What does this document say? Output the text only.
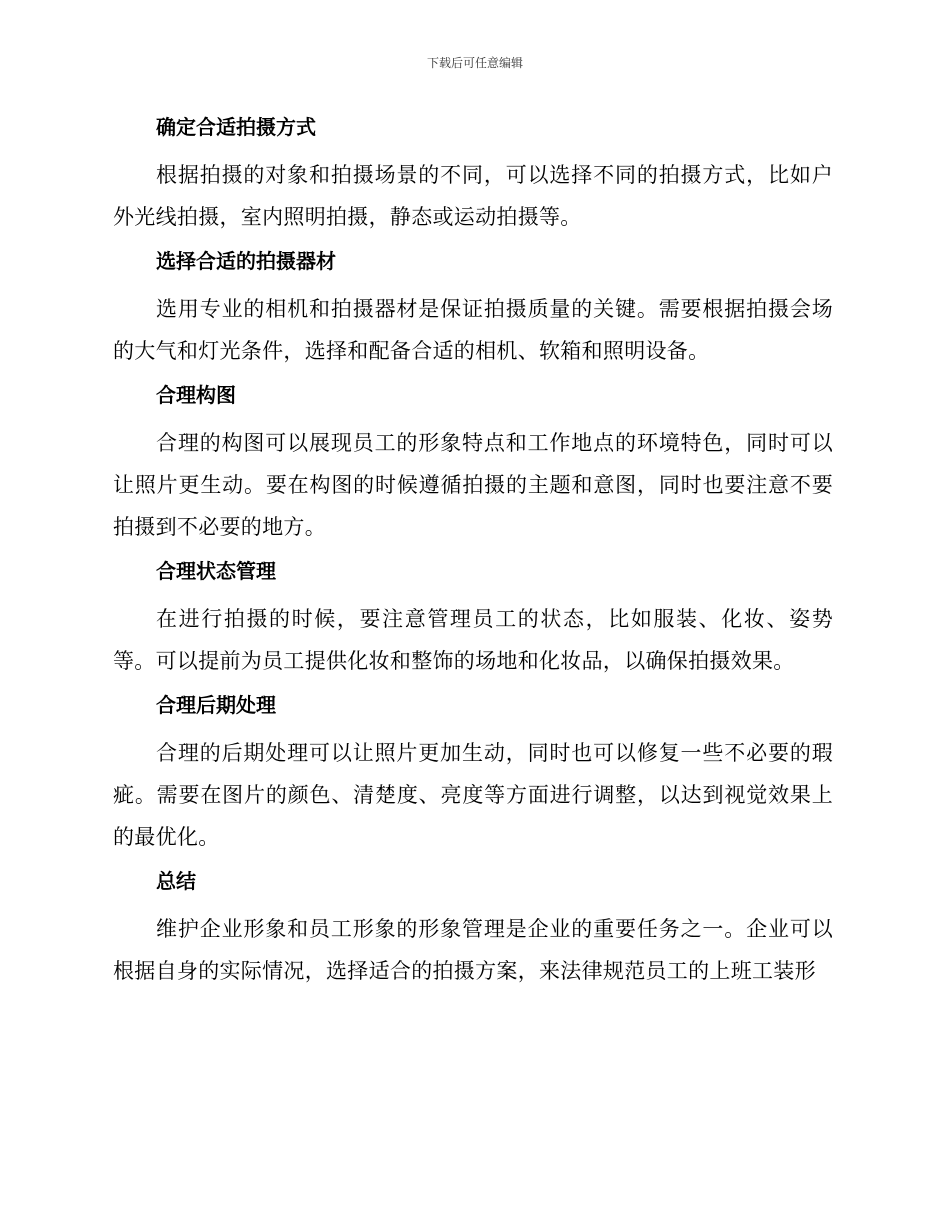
下载后可任意编辑
确定合适拍摄方式

根据拍摄的对象和拍摄场景的不同，可以选择不同的拍摄方式，比如户外光线拍摄，室内照明拍摄，静态或运动拍摄等。

选择合适的拍摄器材

选用专业的相机和拍摄器材是保证拍摄质量的关键。需要根据拍摄会场的大气和灯光条件，选择和配备合适的相机、软箱和照明设备。

合理构图

合理的构图可以展现员工的形象特点和工作地点的环境特色，同时可以让照片更生动。要在构图的时候遵循拍摄的主题和意图，同时也要注意不要拍摄到不必要的地方。

合理状态管理

在进行拍摄的时候，要注意管理员工的状态，比如服装、化妆、姿势等。可以提前为员工提供化妆和整饰的场地和化妆品，以确保拍摄效果。

合理后期处理

合理的后期处理可以让照片更加生动，同时也可以修复一些不必要的瑕疵。需要在图片的颜色、清楚度、亮度等方面进行调整，以达到视觉效果上的最优化。

总结

维护企业形象和员工形象的形象管理是企业的重要任务之一。企业可以根据自身的实际情况，选择适合的拍摄方案，来法律规范员工的上班工装形
